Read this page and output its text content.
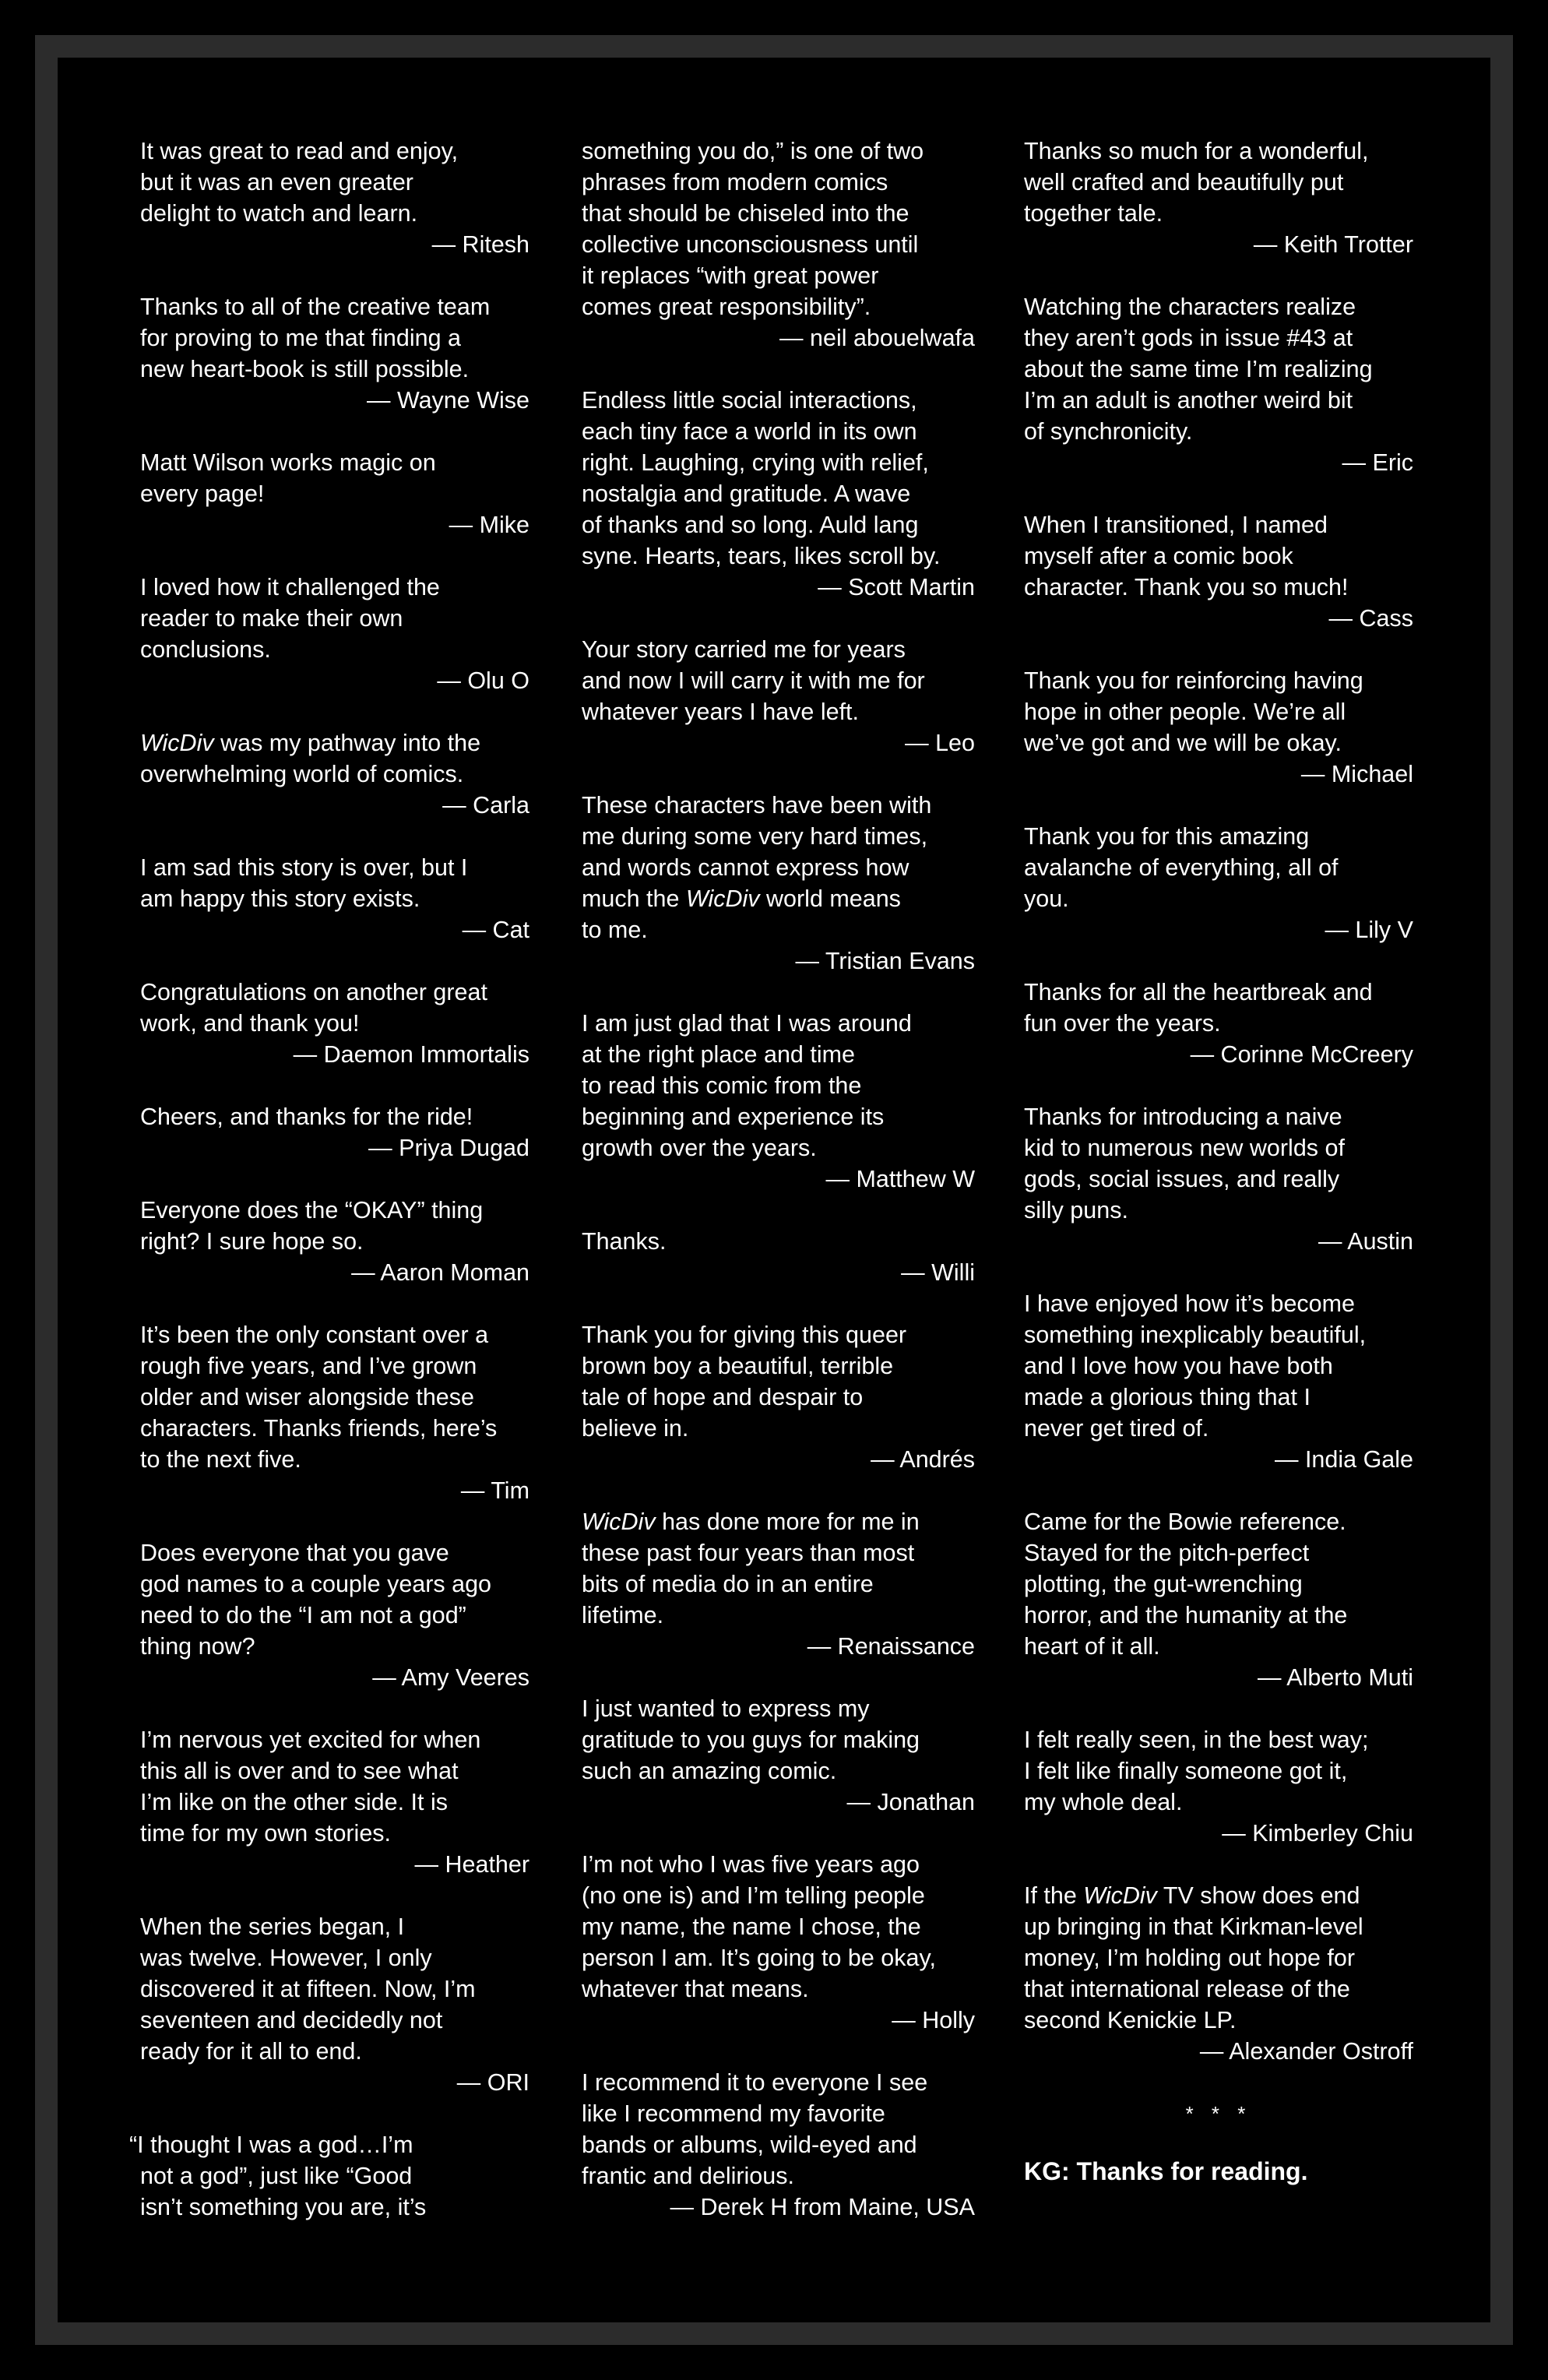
It was great to read and enjoy,
but it was an even greater
delight to watch and learn.

— Ritesh

Thanks to all of the creative team
for proving to me that finding a
new heart-book is still possible.

— Wayne Wise

Matt Wilson works magic on
every page!

— Mike

I loved how it challenged the
reader to make their own
conclusions.

— Olu O

WicDiv was my pathway into the
overwhelming world of comics.

— Carla

I am sad this story is over, but I
am happy this story exists.

— Cat

Congratulations on another great
work, and thank you!

— Daemon Immortalis

Cheers, and thanks for the ride!

— Priya Dugad

Everyone does the “OKAY” thing
right? I sure hope so.

— Aaron Moman

It’s been the only constant over a
rough five years, and I’ve grown
older and wiser alongside these
characters. Thanks friends, here’s
to the next five.

— Tim

Does everyone that you gave
god names to a couple years ago
need to do the “I am not a god”
thing now?

— Amy Veeres

I’m nervous yet excited for when
this all is over and to see what
I’m like on the other side. It is
time for my own stories.

— Heather

When the series began, I
was twelve. However, I only
discovered it at fifteen. Now, I’m
seventeen and decidedly not
ready for it all to end.

— ORI

“I thought I was a god…I’m
not a god”, just like “Good
isn’t something you are, it’s

something you do,” is one of two
phrases from modern comics
that should be chiseled into the
collective unconsciousness until
it replaces “with great power
comes great responsibility”.

— neil abouelwafa

Endless little social interactions,
each tiny face a world in its own
right. Laughing, crying with relief,
nostalgia and gratitude. A wave
of thanks and so long. Auld lang
syne. Hearts, tears, likes scroll by.

— Scott Martin

Your story carried me for years
and now I will carry it with me for
whatever years I have left.

— Leo

These characters have been with
me during some very hard times,
and words cannot express how
much the WicDiv world means
to me.

— Tristian Evans

I am just glad that I was around
at the right place and time
to read this comic from the
beginning and experience its
growth over the years.

— Matthew W

Thanks.

— Willi

Thank you for giving this queer
brown boy a beautiful, terrible
tale of hope and despair to
believe in.

— Andrés

WicDiv has done more for me in
these past four years than most
bits of media do in an entire
lifetime.

— Renaissance

I just wanted to express my
gratitude to you guys for making
such an amazing comic.

— Jonathan

I’m not who I was five years ago
(no one is) and I’m telling people
my name, the name I chose, the
person I am. It’s going to be okay,
whatever that means.

— Holly

I recommend it to everyone I see
like I recommend my favorite
bands or albums, wild-eyed and
frantic and delirious.

— Derek H from Maine, USA

Thanks so much for a wonderful,
well crafted and beautifully put
together tale.

— Keith Trotter

Watching the characters realize
they aren’t gods in issue #43 at
about the same time I’m realizing
I’m an adult is another weird bit
of synchronicity.

— Eric

When I transitioned, I named
myself after a comic book
character. Thank you so much!

— Cass

Thank you for reinforcing having
hope in other people. We’re all
we’ve got and we will be okay.

— Michael

Thank you for this amazing
avalanche of everything, all of
you.

— Lily V

Thanks for all the heartbreak and
fun over the years.

— Corinne McCreery

Thanks for introducing a naive
kid to numerous new worlds of
gods, social issues, and really
silly puns.

— Austin

I have enjoyed how it’s become
something inexplicably beautiful,
and I love how you have both
made a glorious thing that I
never get tired of.

— India Gale

Came for the Bowie reference.
Stayed for the pitch-perfect
plotting, the gut-wrenching
horror, and the humanity at the
heart of it all.

— Alberto Muti

I felt really seen, in the best way;
I felt like finally someone got it,
my whole deal.

— Kimberley Chiu

If the WicDiv TV show does end
up bringing in that Kirkman-level
money, I’m holding out hope for
that international release of the
second Kenickie LP.

— Alexander Ostroff

* * *

KG: Thanks for reading.
